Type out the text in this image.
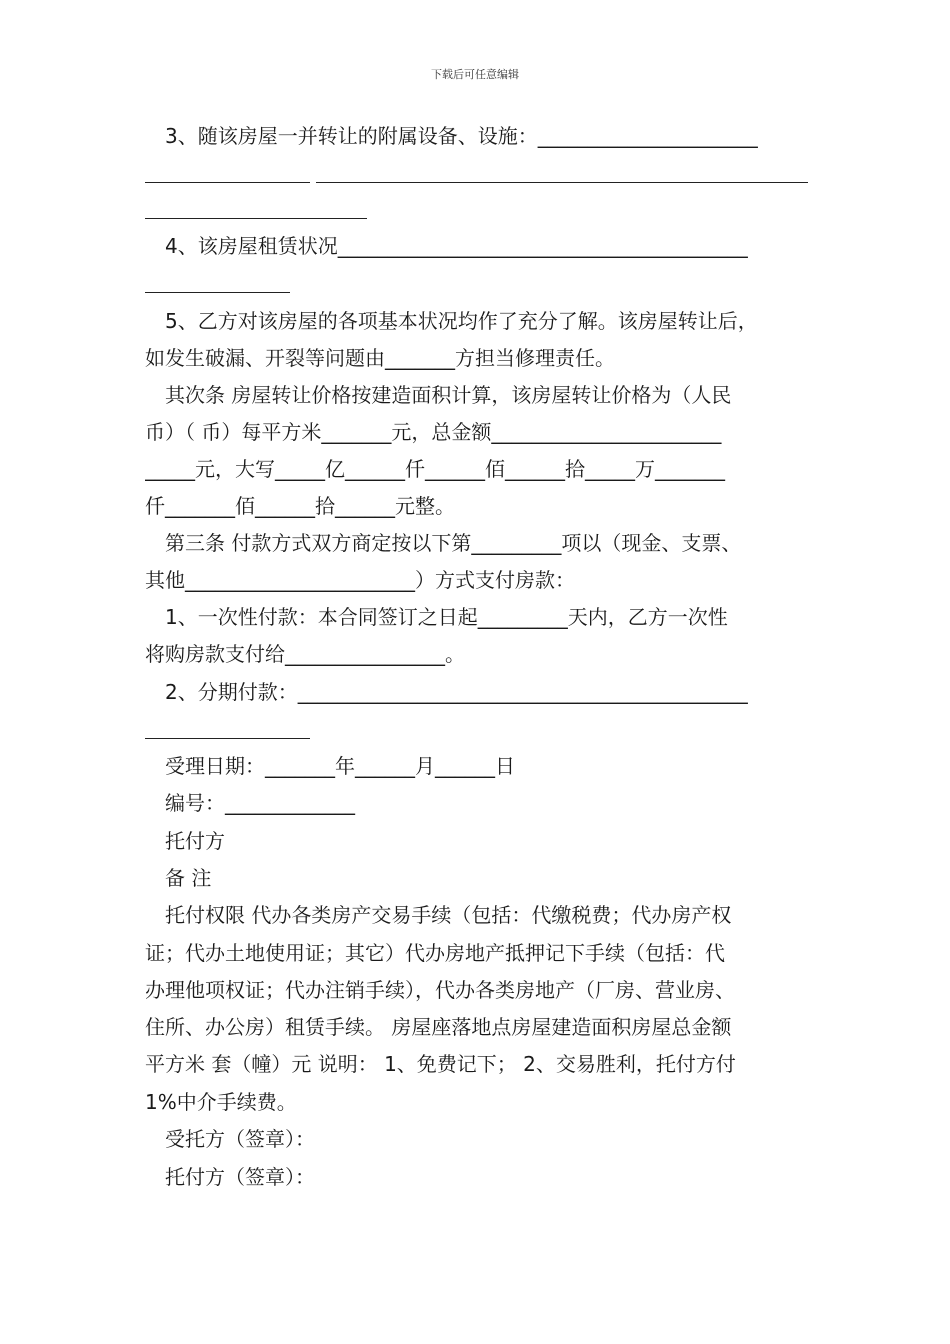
下载后可任意编辑
3、随该房屋一并转让的附属设备、设施：______________________
4、该房屋租赁状况_________________________________________
5、乙方对该房屋的各项基本状况均作了充分了解。该房屋转让后，
如发生破漏、开裂等问题由_______方担当修理责任。
其次条 房屋转让价格按建造面积计算，该房屋转让价格为（人民
币）（ 币）每平方米_______元，总金额_______________________
_____元，大写_____亿______仟______佰______拾_____万_______
仟_______佰______拾______元整。
第三条 付款方式双方商定按以下第_________项以（现金、支票、
其他_______________________）方式支付房款：
1、一次性付款：本合同签订之日起_________天内，乙方一次性
将购房款支付给________________。
2、分期付款：_____________________________________________
受理日期：_______年______月______日
编号：_____________
托付方
备 注
托付权限 代办各类房产交易手续（包括：代缴税费；代办房产权
证；代办土地使用证；其它）代办房地产抵押记下手续（包括：代
办理他项权证；代办注销手续），代办各类房地产（厂房、营业房、
住所、办公房）租赁手续。 房屋座落地点房屋建造面积房屋总金额
平方米 套（幢）元 说明： 1、免费记下； 2、交易胜利，托付方付
1%中介手续费。
受托方（签章）：
托付方（签章）：
